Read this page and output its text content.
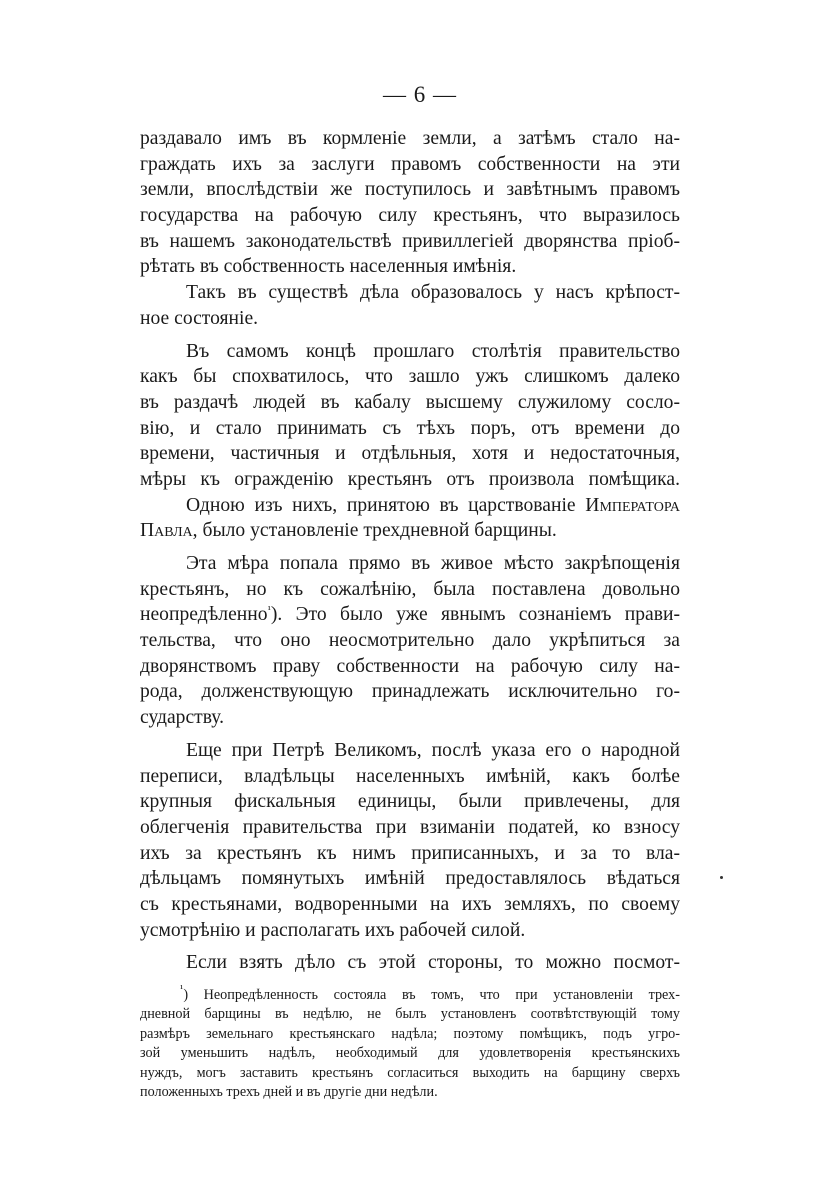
— 6 —
раздавало имъ въ кормленіе земли, а затѣмъ стало на-
граждать ихъ за заслуги правомъ собственности на эти
земли, впослѣдствіи же поступилось и завѣтнымъ правомъ
государства на рабочую силу крестьянъ, что выразилось
въ нашемъ законодательствѣ привиллегіей дворянства пріоб-
рѣтать въ собственность населенныя имѣнія.
Такъ въ существѣ дѣла образовалось у насъ крѣпост-
ное состояніе.
Въ самомъ концѣ прошлаго столѣтія правительство
какъ бы спохватилось, что зашло ужъ слишкомъ далеко
въ раздачѣ людей въ кабалу высшему служилому сосло-
вію, и стало принимать съ тѣхъ поръ, отъ времени до
времени, частичныя и отдѣльныя, хотя и недостаточныя,
мѣры къ огражденію крестьянъ отъ произвола помѣщика.
Одною изъ нихъ, принятою въ царствованіе Императора
Павла, было установленіе трехдневной барщины.
Эта мѣра попала прямо въ живое мѣсто закрѣпощенія
крестьянъ, но къ сожалѣнію, была поставлена довольно
неопредѣленно$^{^1}$). Это было уже явнымъ сознаніемъ прави-
тельства, что оно неосмотрительно дало укрѣпиться за
дворянствомъ праву собственности на рабочую силу на-
рода, долженствующую принадлежать исключительно го-
сударству.
Еще при Петрѣ Великомъ, послѣ указа его о народной
переписи, владѣльцы населенныхъ имѣній, какъ болѣе
крупныя фискальныя единицы, были привлечены, для
облегченія правительства при взиманіи податей, ко взносу
ихъ за крестьянъ къ нимъ приписанныхъ, и за то вла-
дѣльцамъ помянутыхъ имѣній предоставлялось вѣдаться
съ крестьянами, водворенными на ихъ земляхъ, по своему
усмотрѣнію и располагать ихъ рабочей силой.
Если взять дѣло съ этой стороны, то можно посмот-
$^{^1}$) Неопредѣленность состояла въ томъ, что при установленіи трех-
дневной барщины въ недѣлю, не былъ установленъ соотвѣтствующій тому
размѣръ земельнаго крестьянскаго надѣла; поэтому помѣщикъ, подъ угро-
зой уменьшить надѣлъ, необходимый для удовлетворенія крестьянскихъ
нуждъ, могъ заставить крестьянъ согласиться выходить на барщину сверхъ
положенныхъ трехъ дней и въ другіе дни недѣли.
